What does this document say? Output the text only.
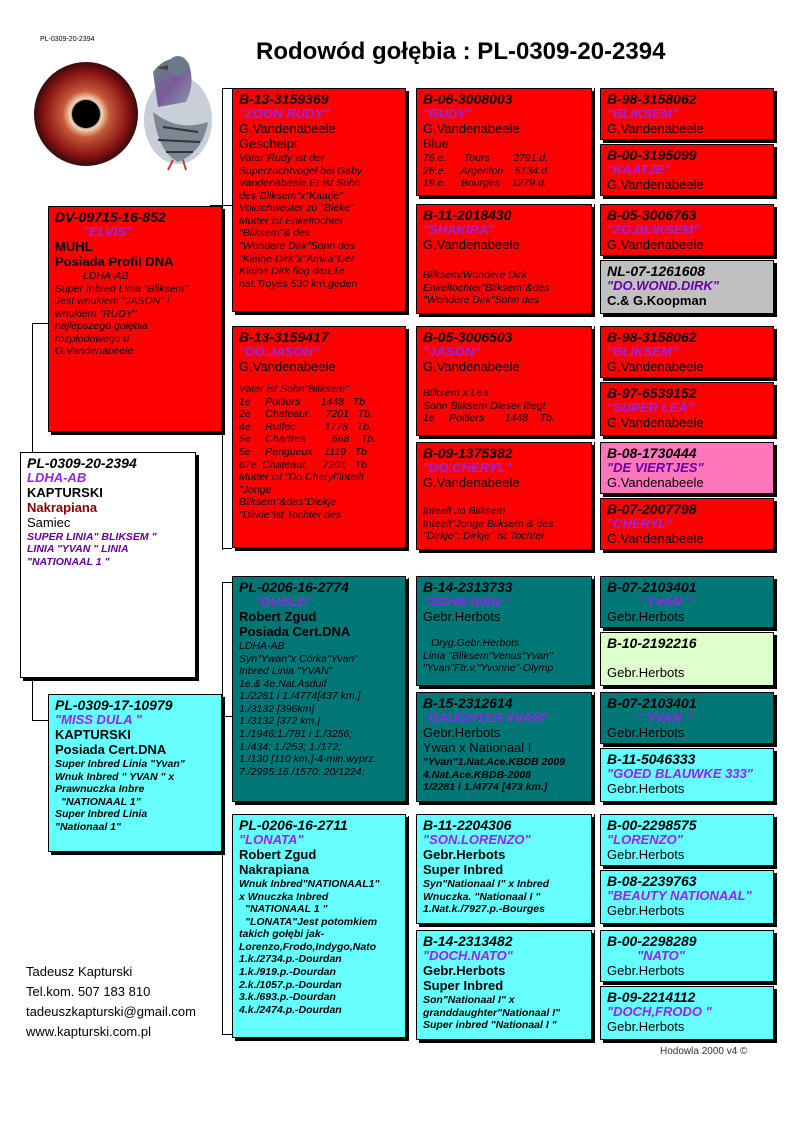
PL-0309-20-2394	Rodowód gołębia : PL-0309-20-2394
PL-0309-20-2394
LDHA-AB
KAPTURSKI
Nakrapiana
Samiec
SUPER LINIA" BLIKSEM "
LINIA "YVAN " LINIA
"NATIONAAL 1 "
DV-09715-16-852
"ELVIS"
MUHL
Posiada Profil DNA
LDHA-AB
Super Inbred Linia "Bliksem"
Jest wnukiem "JASON" i
wnukiem "RUDY"
najlepszego gołębia
rozpłodowego u
G.Vandenabeele
PL-0309-17-10979
"MISS DULA "
KAPTURSKI
Posiada Cert.DNA
Super Inbred Linia "Yvan"
Wnuk Inbred " YVAN " x
Prawnuczka Inbre
"NATIONAAL 1"
Super Inbred Linia
"Nationaal 1"
B-13-3159369
"ZOON RUDY"
G.Vandenabeele
Geschelpt
Vater"Rudy"ist der
Superzuchtvogel bei Gaby
Vandenabeele.Er ist Sohn
des"Bliksem"x"Kaatje"
Vollschwester zu "Bleke"
Mutter ist Enkeltochter
"Bliksem"& des
"Wondere Dirk"Sohn des
"Kleine Dirk"x"Amira"Der
Kleine Dirk flog den,1e
nat.Troyes 530 km.geden
B-13-3159417
"DO.JASON"
G.Vandenabeele
Vater ist Sohn"Bliksem"
1e     Poitiers       1448   Tb.
2e     Chateaur.     7201   Tb.
4e     Ruffec          1778   Tb.
5e     Chartres         668    Tb.
5e     Perigueux    1119   Tb.
67e  Chateaur.     7201   Tb.
Mutter ist "Do.Cheryl"inteilt
"Jonge
Bliksem"&des"Diekje
"Dirkie"ist Tochter des
PL-0206-16-2774
"DUBLE"
Robert Zgud
Posiada Cert.DNA
LDHA-AB
Syn"Ywan"x Córka"Yvan"
Inbred Linia "YVAN"
1e.& 4e.Nat.Asduif
1./2281 i 1./4774[437 km.]
1./3132 [396km]
1./3132 [372 km.]
1./1946;1./781 i 1./3256;
1./434; 1./253; 1./172;
1./130 [110 km.]-4-min.wyprz.
7./2995:16./1570: 20/1224:
PL-0206-16-2711
"LONATA"
Robert Zgud
Nakrapiana
Wnuk Inbred"NATIONAAL1"
x Wnuczka Inbred
"NATIONAAL 1 "
"LONATA"Jest potomkiem
takich gołębi jak-
Lorenzo,Frodo,Indygo,Nato
1.k./2734.p.-Dourdan
1.k./919.p.-Dourdan
2.k./1057.p.-Dourdan
3.k./693.p.-Dourdan
4.k./2474.p.-Dourdan
B-06-3008003
"RUDY"
G.Vandenabeele
Blue
76.e.      Tours        2791.d.
28.e.     Argenton    5134.d.
19.e.     Bourges    1279.d.
B-11-2018430
"SHAKIRA"
G.Vandenabeele
Bliksem/Wondere Dirk
Enkeltochter"Bliksem"&des
"Wondere Dirk"Sohn des
B-05-3006503
"JASON"
G.Vandenabeele
Bliksem x Lea
Sohn Bliksem Dieser fliegt
1e     Poitiers       1448    Tb.
B-09-1375382
"DO.CHERYL"
G.Vandenabeele
Inteelt Jo Bliksem
Inteelt"Jonge Bliksem & des
"Dirkje"::Dirkje" ist Tochter
B-14-2313733
"SOHN IVAN "
Gebr.Herbots
Oryg.Gebr.Herbots
Linia "Bliksem"Venus"Yvan"
"Yvan"Ftr.v."Yvonne"-Olymp
B-15-2312614
"DAUGHTER YVAN"
Gebr.Herbots
Ywan x Nationaal I
"Yvan"1.Nat.Ace.KBDB 2009
4.Nat.Ace.KBDB-2008
1/2281 i 1./4774 [473 km.]
B-11-2204306
"SON.LORENZO"
Gebr.Herbots
Super Inbred
Syn"Nationaal I" x Inbred
Wnuczka. "Nationaal I "
1.Nat.k./7927.p.-Bourges
B-14-2313482
"DOCH.NATO"
Gebr.Herbots
Super Inbred
Son"Nationaal I" x
granddaughter"Nationaal I"
Super inbred "Nationaal I "
B-98-3158062
"BLIKSEM"
G.Vandenabeele
B-00-3195099
"KAATJE"
G.Vandenabeele
B-05-3006763
"ZO.BLIKSEM"
G.Vandenabeele
NL-07-1261608
"DO.WOND.DIRK"
C.& G.Koopman
B-98-3158062
"BLIKSEM"
G.Vandenabeele
B-97-6539152
"SUPER LEA"
G.Vandenabeele
B-08-1730444
"DE VIERTJES"
G.Vandenabeele
B-07-2007798
"CHERYL"
G.Vandenabeele
B-07-2103401
" YVAN "
Gebr.Herbots
B-10-2192216
Gebr.Herbots
B-07-2103401
" YVAN "
Gebr.Herbots
B-11-5046333
"GOED BLAUWKE 333"
Gebr.Herbots
B-00-2298575
"LORENZO"
Gebr.Herbots
B-08-2239763
"BEAUTY NATIONAAL"
Gebr.Herbots
B-00-2298289
"NATO"
Gebr.Herbots
B-09-2214112
"DOCH,FRODO "
Gebr.Herbots
Tadeusz Kapturski
Tel.kom. 507 183 810
tadeuszkapturski@gmail.com
www.kapturski.com.pl
Hodowla 2000 v4 ©
